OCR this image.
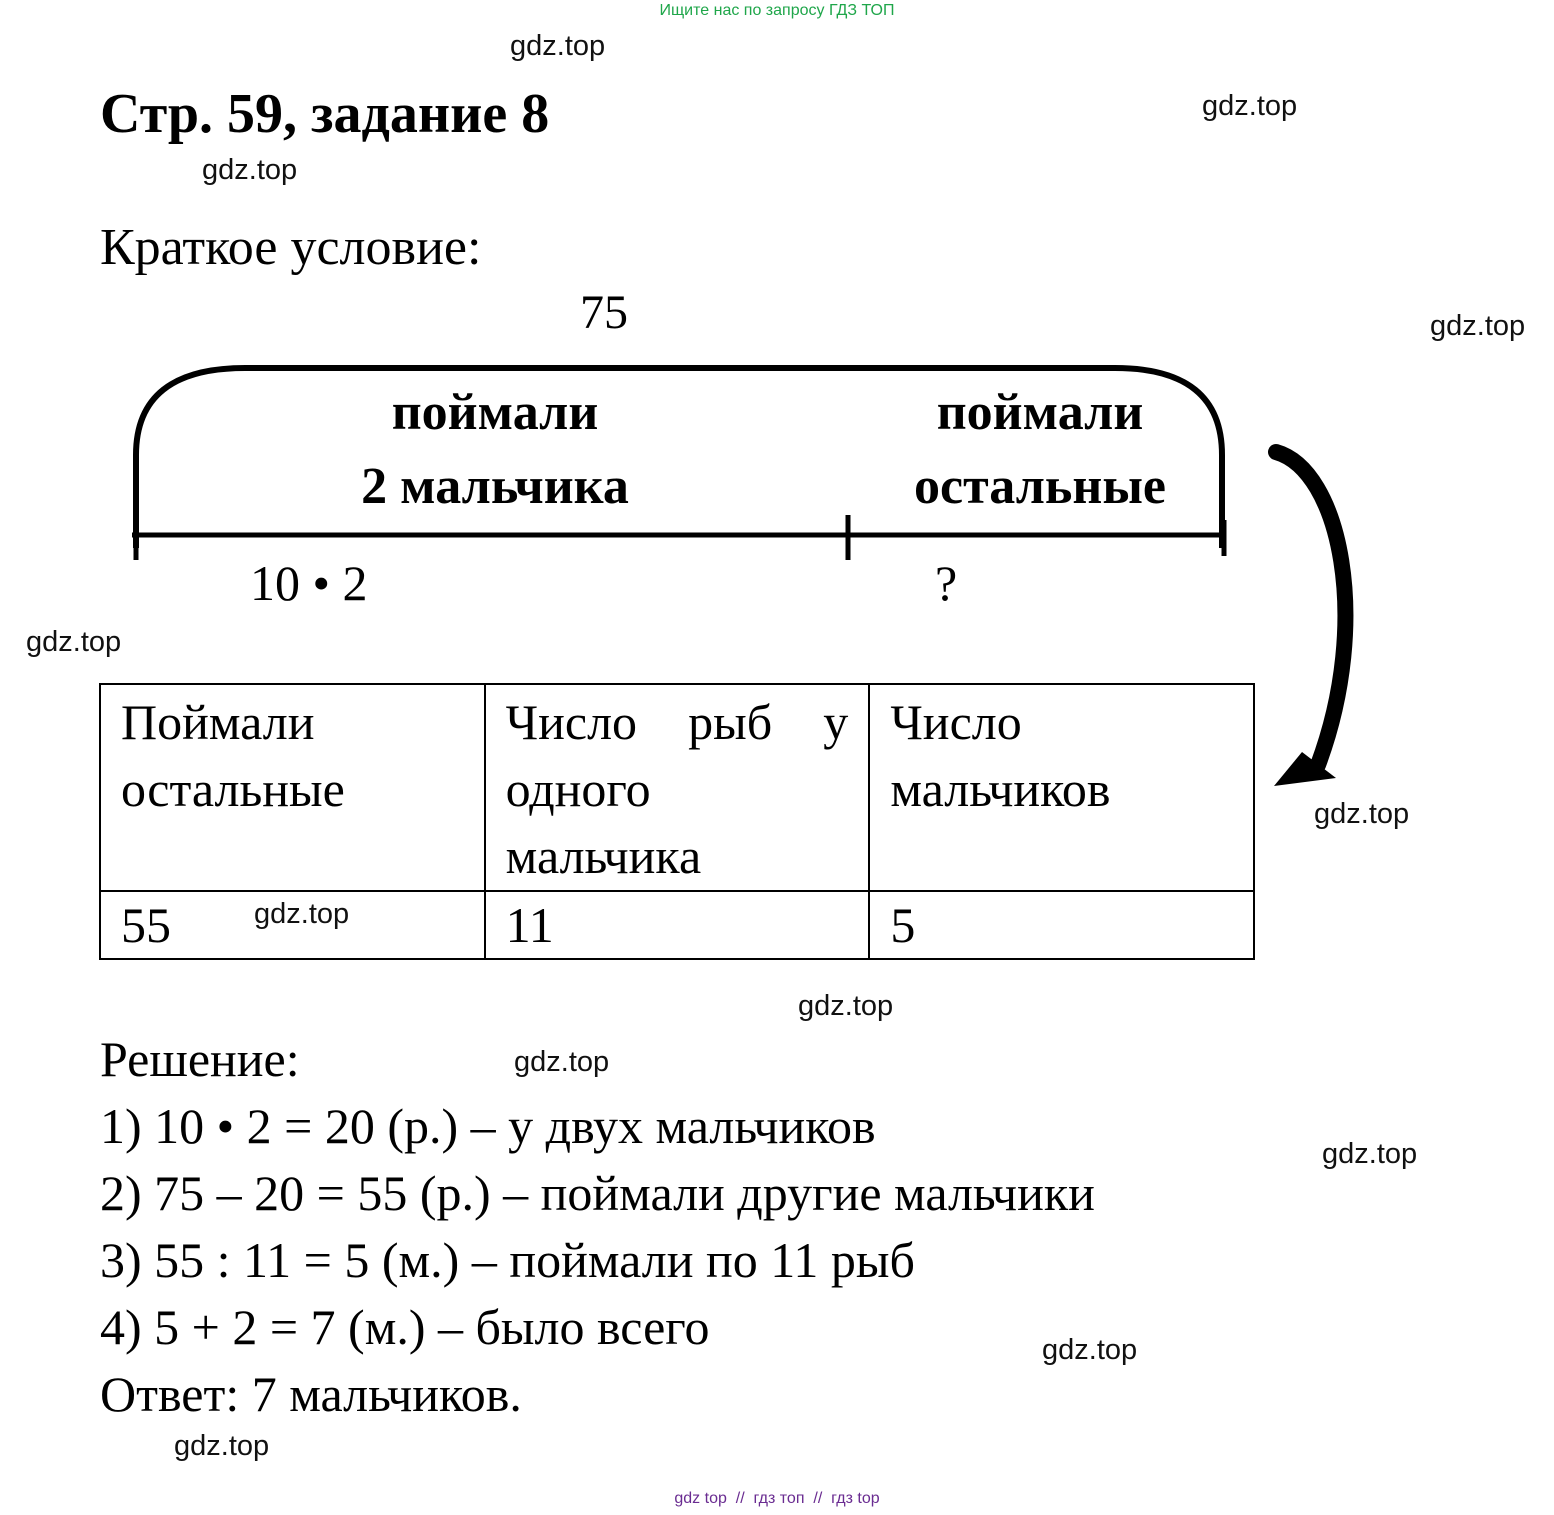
Ищите нас по запросу ГДЗ ТОП
Стр. 59, задание 8
Краткое условие:
75
поймали
2 мальчика
поймали
остальные
10 • 2	?
Поймали остальные	Число рыб у одного мальчика	Число мальчиков
55	11	5
Решение:
1) 10 • 2 = 20 (р.) – у двух мальчиков
2) 75 – 20 = 55 (р.) – поймали другие мальчики
3) 55 : 11 = 5 (м.) – поймали по 11 рыб
4) 5 + 2 = 7 (м.) – было всего
Ответ: 7 мальчиков.
gdz.top
gdz.top
gdz.top
gdz.top
gdz.top
gdz.top
gdz.top
gdz.top
gdz.top
gdz.top
gdz.top
gdz.top
gdz top  //  гдз топ  //  гдз top
